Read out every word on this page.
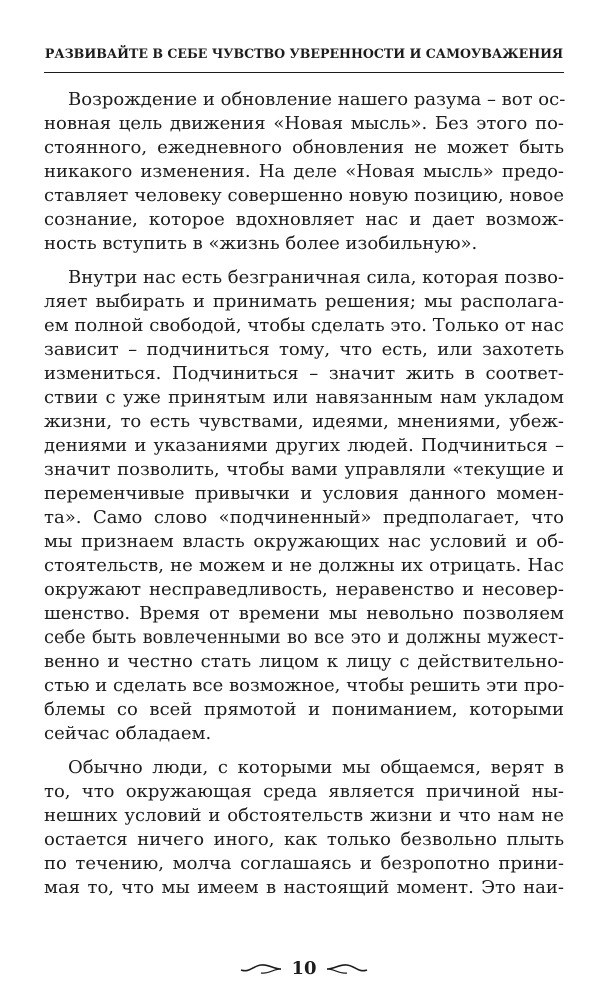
РАЗВИВАЙТЕ В СЕБЕ ЧУВСТВО УВЕРЕННОСТИ И САМОУВАЖЕНИЯ
Возрождение и обновление нашего разума – вот ос-
новная цель движения «Новая мысль». Без этого по-
стоянного, ежедневного обновления не может быть
никакого изменения. На деле «Новая мысль» предо-
ставляет человеку совершенно новую позицию, новое
сознание, которое вдохновляет нас и дает возмож-
ность вступить в «жизнь более изобильную».
Внутри нас есть безграничная сила, которая позво-
ляет выбирать и принимать решения; мы располага-
ем полной свободой, чтобы сделать это. Только от нас
зависит – подчиниться тому, что есть, или захотеть
измениться. Подчиниться – значит жить в соответ-
ствии с уже принятым или навязанным нам укладом
жизни, то есть чувствами, идеями, мнениями, убеж-
дениями и указаниями других людей. Подчиниться –
значит позволить, чтобы вами управляли «текущие и
переменчивые привычки и условия данного момен-
та». Само слово «подчиненный» предполагает, что
мы признаем власть окружающих нас условий и об-
стоятельств, не можем и не должны их отрицать. Нас
окружают несправедливость, неравенство и несовер-
шенство. Время от времени мы невольно позволяем
себе быть вовлеченными во все это и должны мужест-
венно и честно стать лицом к лицу с действительно-
стью и сделать все возможное, чтобы решить эти про-
блемы со всей прямотой и пониманием, которыми
сейчас обладаем.
Обычно люди, с которыми мы общаемся, верят в
то, что окружающая среда является причиной ны-
нешних условий и обстоятельств жизни и что нам не
остается ничего иного, как только безвольно плыть
по течению, молча соглашаясь и безропотно прини-
мая то, что мы имеем в настоящий момент. Это наи-
10
